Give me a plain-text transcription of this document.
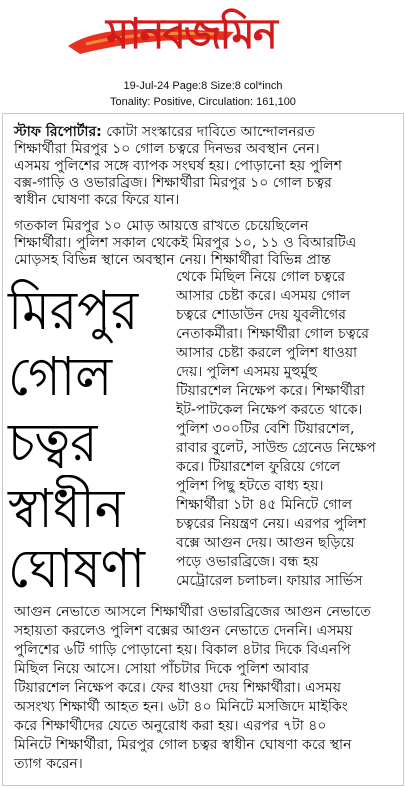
মানবজমিন
19-Jul-24 Page:8 Size:8 col*inch
Tonality: Positive, Circulation: 161,100
স্টাফ রিপোর্টার: কোটা সংস্কারের দাবিতে আন্দোলনরত
শিক্ষার্থীরা মিরপুর ১০ গোল চত্বরে দিনভর অবস্থান নেন।
এসময় পুলিশের সঙ্গে ব্যাপক সংঘর্ষ হয়। পোড়ানো হয় পুলিশ
বক্স-গাড়ি ও ওভারব্রিজ। শিক্ষার্থীরা মিরপুর ১০ গোল চত্বর
স্বাধীন ঘোষণা করে ফিরে যান।
গতকাল মিরপুর ১০ মোড় আয়ত্তে রাখতে চেয়েছিলেন
শিক্ষার্থীরা। পুলিশ সকাল থেকেই মিরপুর ১০, ১১ ও বিআরটিএ
মোড়সহ বিভিন্ন স্থানে অবস্থান নেয়। শিক্ষার্থীরা বিভিন্ন প্রান্ত
মিরপুর
গোল
চত্বর
স্বাধীন
ঘোষণা
থেকে মিছিল নিয়ে গোল চত্বরে
আসার চেষ্টা করে। এসময় গোল
চত্বরে শোডাউন দেয় যুবলীগের
নেতাকর্মীরা। শিক্ষার্থীরা গোল চত্বরে
আসার চেষ্টা করলে পুলিশ ধাওয়া
দেয়। পুলিশ এসময় মুহুর্মুহু
টিয়ারশেল নিক্ষেপ করে। শিক্ষার্থীরা
ইট-পাটকেল নিক্ষেপ করতে থাকে।
পুলিশ ৩০০টির বেশি টিয়ারশেল,
রাবার বুলেট, সাউন্ড গ্রেনেড নিক্ষেপ
করে। টিয়ারশেল ফুরিয়ে গেলে
পুলিশ পিছু হটতে বাধ্য হয়।
শিক্ষার্থীরা ১টা ৪৫ মিনিটে গোল
চত্বরের নিয়ন্ত্রণ নেয়। এরপর পুলিশ
বক্সে আগুন দেয়। আগুন ছড়িয়ে
পড়ে ওভারব্রিজে। বন্ধ হয়
মেট্রোরেল চলাচল। ফায়ার সার্ভিস
আগুন নেভাতে আসলে শিক্ষার্থীরা ওভারব্রিজের আগুন নেভাতে
সহায়তা করলেও পুলিশ বক্সের আগুন নেভাতে দেননি। এসময়
পুলিশের ৬টি গাড়ি পোড়ানো হয়। বিকাল ৪টার দিকে বিএনপি
মিছিল নিয়ে আসে। সোয়া পাঁচটার দিকে পুলিশ আবার
টিয়ারশেল নিক্ষেপ করে। ফের ধাওয়া দেয় শিক্ষার্থীরা। এসময়
অসংখ্য শিক্ষার্থী আহত হন। ৬টা ৪০ মিনিটে মসজিদে মাইকিং
করে শিক্ষার্থীদের যেতে অনুরোধ করা হয়। এরপর ৭টা ৪০
মিনিটে শিক্ষার্থীরা, মিরপুর গোল চত্বর স্বাধীন ঘোষণা করে স্থান
ত্যাগ করেন।
